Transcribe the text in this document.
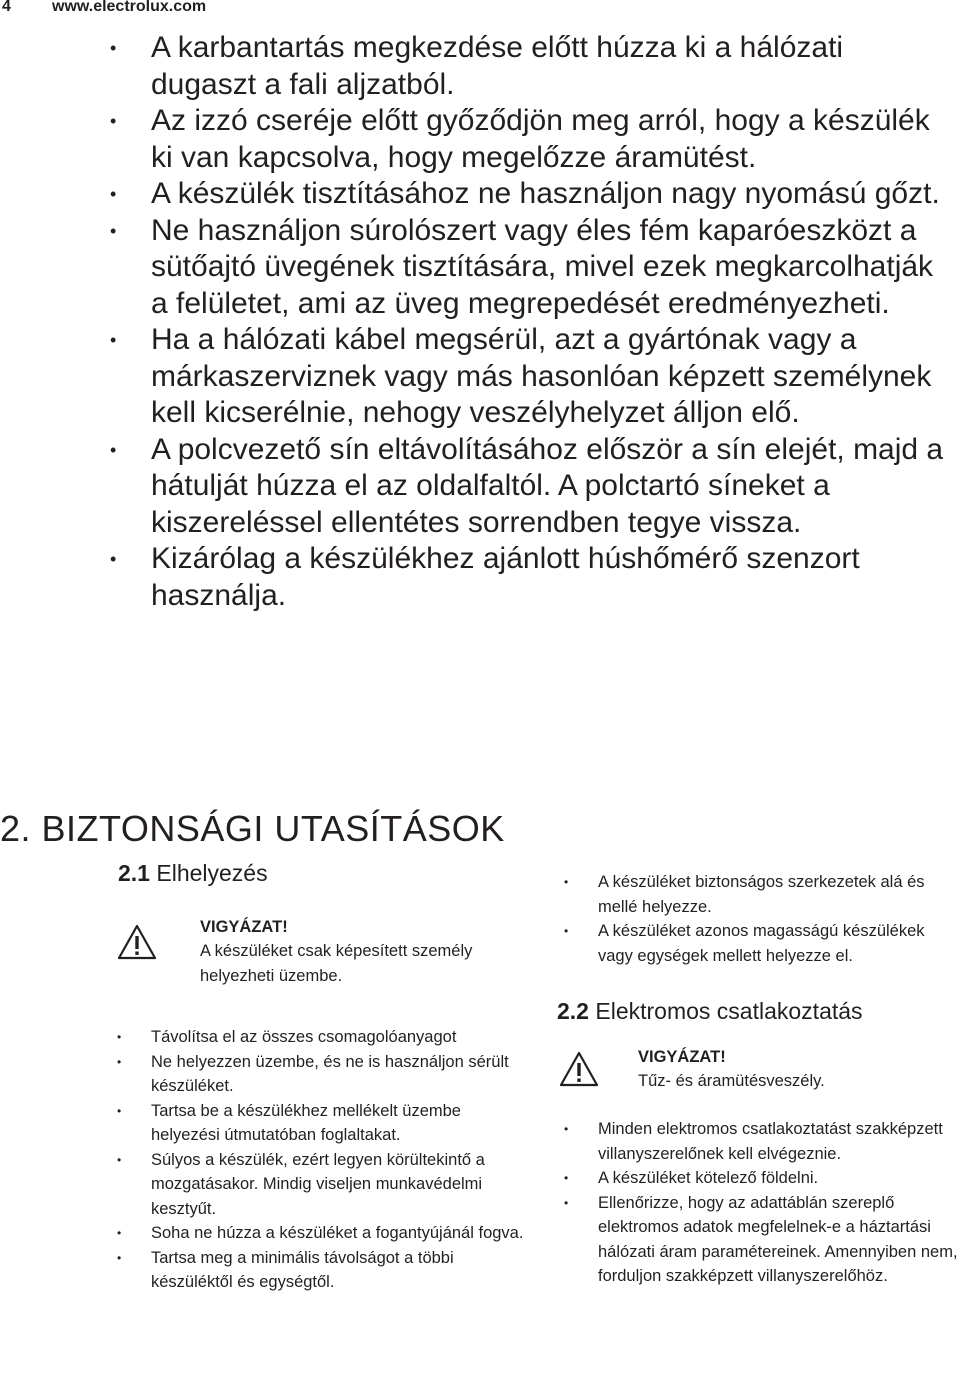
4	www.electrolux.com
• A karbantartás megkezdése előtt húzza ki a hálózati dugaszt a fali aljzatból.
• Az izzó cseréje előtt győződjön meg arról, hogy a készülék ki van kapcsolva, hogy megelőzze áramütést.
• A készülék tisztításához ne használjon nagy nyomású gőzt.
• Ne használjon súrolószert vagy éles fém kaparóeszközt a sütőajtó üvegének tisztítására, mivel ezek megkarcolhatják a felületet, ami az üveg megrepedését eredményezheti.
• Ha a hálózati kábel megsérül, azt a gyártónak vagy a márkaszerviznek vagy más hasonlóan képzett személynek kell kicserélnie, nehogy veszélyhelyzet álljon elő.
• A polcvezető sín eltávolításához először a sín elejét, majd a hátulját húzza el az oldalfaltól. A polctartó síneket a kiszereléssel ellentétes sorrendben tegye vissza.
• Kizárólag a készülékhez ajánlott húshőmérő szenzort használja.
2. BIZTONSÁGI UTASÍTÁSOK
2.1 Elhelyezés
VIGYÁZAT!
A készüléket csak képesített személy helyezheti üzembe.
• Távolítsa el az összes csomagolóanyagot
• Ne helyezzen üzembe, és ne is használjon sérült készüléket.
• Tartsa be a készülékhez mellékelt üzembe helyezési útmutatóban foglaltakat.
• Súlyos a készülék, ezért legyen körültekintő a mozgatásakor. Mindig viseljen munkavédelmi kesztyűt.
• Soha ne húzza a készüléket a fogantyújánál fogva.
• Tartsa meg a minimális távolságot a többi készüléktől és egységtől.
• A készüléket biztonságos szerkezetek alá és mellé helyezze.
• A készüléket azonos magasságú készülékek vagy egységek mellett helyezze el.
2.2 Elektromos csatlakoztatás
VIGYÁZAT!
Tűz- és áramütésveszély.
• Minden elektromos csatlakoztatást szakképzett villanyszerelőnek kell elvégeznie.
• A készüléket kötelező földelni.
• Ellenőrizze, hogy az adattáblán szereplő elektromos adatok megfelelnek-e a háztartási hálózati áram paramétereinek. Amennyiben nem, forduljon szakképzett villanyszerelőhöz.
